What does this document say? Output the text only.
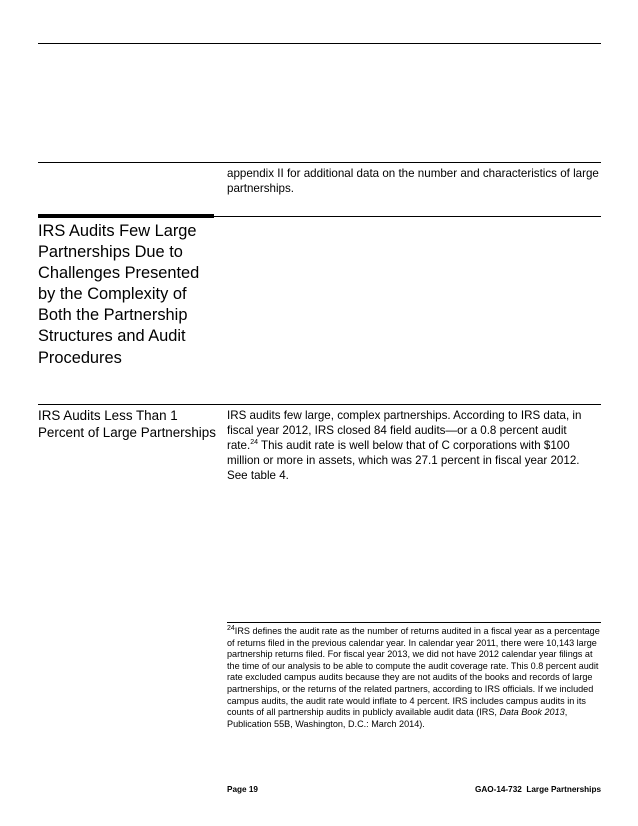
appendix II for additional data on the number and characteristics of large partnerships.
IRS Audits Few Large Partnerships Due to Challenges Presented by the Complexity of Both the Partnership Structures and Audit Procedures
IRS Audits Less Than 1 Percent of Large Partnerships
IRS audits few large, complex partnerships. According to IRS data, in fiscal year 2012, IRS closed 84 field audits—or a 0.8 percent audit rate.$^{24}$ This audit rate is well below that of C corporations with $100 million or more in assets, which was 27.1 percent in fiscal year 2012. See table 4.
$^{24}$IRS defines the audit rate as the number of returns audited in a fiscal year as a percentage of returns filed in the previous calendar year. In calendar year 2011, there were 10,143 large partnership returns filed. For fiscal year 2013, we did not have 2012 calendar year filings at the time of our analysis to be able to compute the audit coverage rate. This 0.8 percent audit rate excluded campus audits because they are not audits of the books and records of large partnerships, or the returns of the related partners, according to IRS officials. If we included campus audits, the audit rate would inflate to 4 percent. IRS includes campus audits in its counts of all partnership audits in publicly available audit data (IRS, Data Book 2013, Publication 55B, Washington, D.C.: March 2014).
Page 19	GAO-14-732  Large Partnerships
